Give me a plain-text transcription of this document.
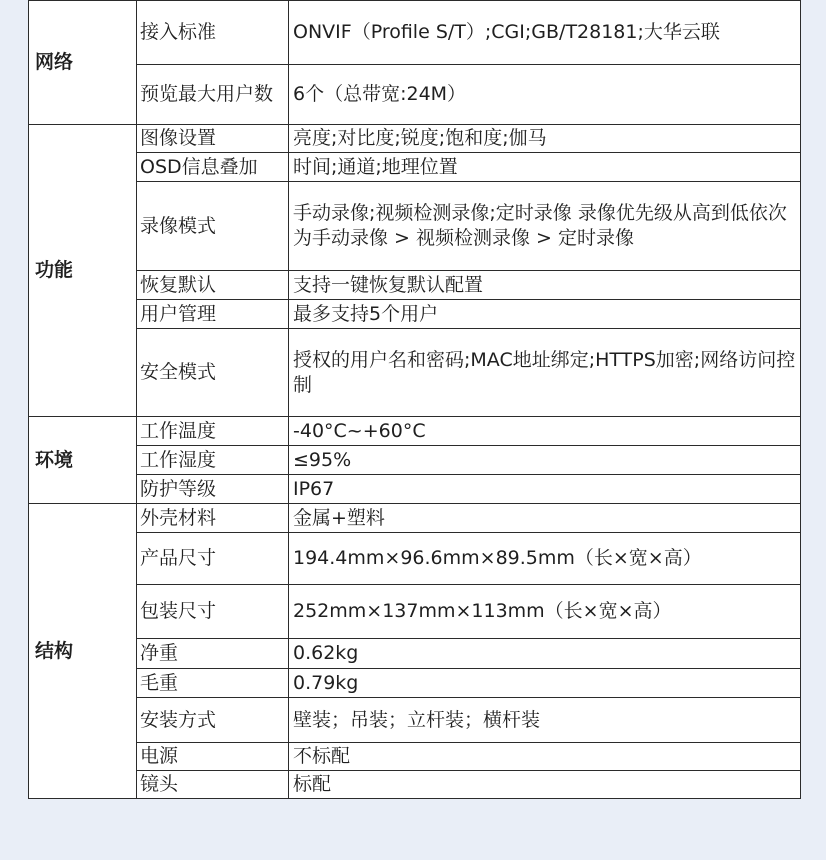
网络	接入标准	ONVIF（Profile S/T）;CGI;GB/T28181;大华云联
	预览最大用户数	6个（总带宽:24M）
功能	图像设置	亮度;对比度;锐度;饱和度;伽马
	OSD信息叠加	时间;通道;地理位置
	录像模式	手动录像;视频检测录像;定时录像 录像优先级从高到低依次为手动录像 > 视频检测录像 > 定时录像
	恢复默认	支持一键恢复默认配置
	用户管理	最多支持5个用户
	安全模式	授权的用户名和密码;MAC地址绑定;HTTPS加密;网络访问控制
环境	工作温度	-40°C~+60°C
	工作湿度	≤95%
	防护等级	IP67
结构	外壳材料	金属+塑料
	产品尺寸	194.4mm×96.6mm×89.5mm（长×宽×高）
	包装尺寸	252mm×137mm×113mm（长×宽×高）
	净重	0.62kg
	毛重	0.79kg
	安装方式	壁装；吊装；立杆装；横杆装
	电源	不标配
	镜头	标配
